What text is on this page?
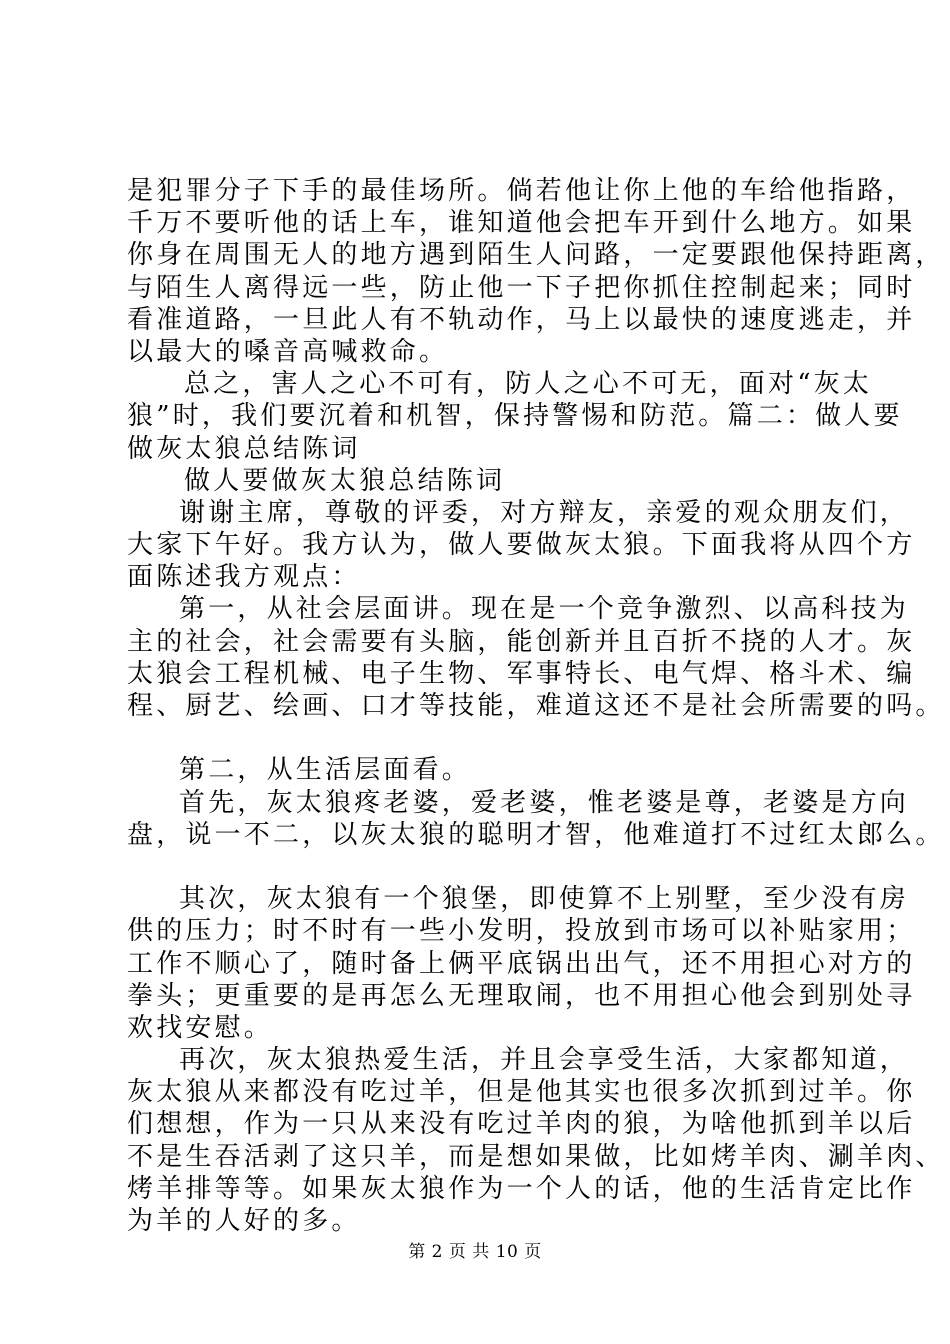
是犯罪分子下手的最佳场所。倘若他让你上他的车给他指路，
千万不要听他的话上车，谁知道他会把车开到什么地方。如果
你身在周围无人的地方遇到陌生人问路，一定要跟他保持距离，
与陌生人离得远一些，防止他一下子把你抓住控制起来；同时
看准道路，一旦此人有不轨动作，马上以最快的速度逃走，并
以最大的嗓音高喊救命。
总之，害人之心不可有，防人之心不可无，面对“灰太
狼”时，我们要沉着和机智，保持警惕和防范。篇二：做人要
做灰太狼总结陈词
做人要做灰太狼总结陈词
谢谢主席，尊敬的评委，对方辩友，亲爱的观众朋友们，
大家下午好。我方认为，做人要做灰太狼。下面我将从四个方
面陈述我方观点：
第一，从社会层面讲。现在是一个竞争激烈、以高科技为
主的社会，社会需要有头脑，能创新并且百折不挠的人才。灰
太狼会工程机械、电子生物、军事特长、电气焊、格斗术、编
程、厨艺、绘画、口才等技能，难道这还不是社会所需要的吗。
第二，从生活层面看。
首先，灰太狼疼老婆，爱老婆，惟老婆是尊，老婆是方向
盘，说一不二，以灰太狼的聪明才智，他难道打不过红太郎么。
其次，灰太狼有一个狼堡，即使算不上别墅，至少没有房
供的压力；时不时有一些小发明，投放到市场可以补贴家用；
工作不顺心了，随时备上俩平底锅出出气，还不用担心对方的
拳头；更重要的是再怎么无理取闹，也不用担心他会到别处寻
欢找安慰。
再次，灰太狼热爱生活，并且会享受生活，大家都知道，
灰太狼从来都没有吃过羊，但是他其实也很多次抓到过羊。你
们想想，作为一只从来没有吃过羊肉的狼，为啥他抓到羊以后
不是生吞活剥了这只羊，而是想如果做，比如烤羊肉、涮羊肉、
烤羊排等等。如果灰太狼作为一个人的话，他的生活肯定比作
为羊的人好的多。
第 2 页 共 10 页
